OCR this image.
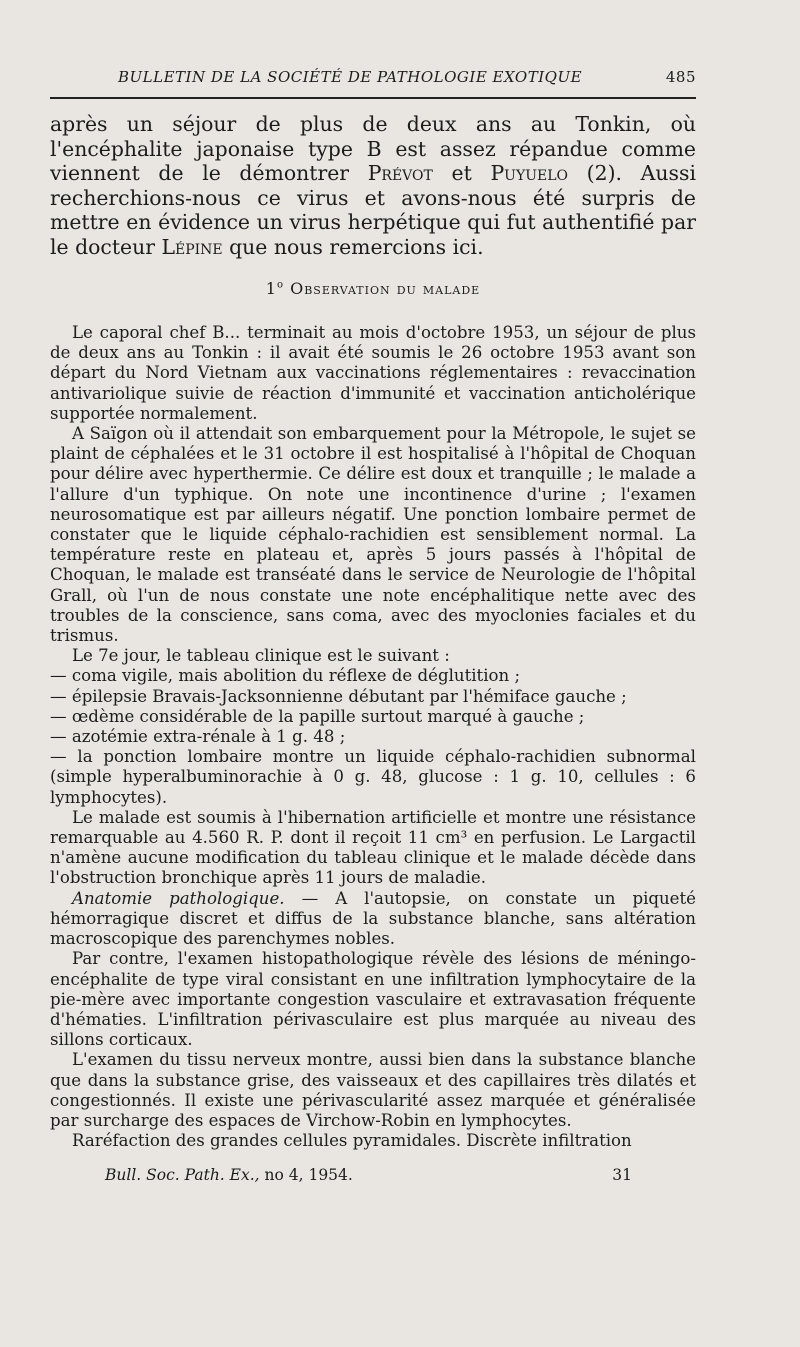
BULLETIN DE LA SOCIÉTÉ DE PATHOLOGIE EXOTIQUE	485
après un séjour de plus de deux ans au Tonkin, où l'encéphalite japonaise type B est assez répandue comme viennent de le démontrer Prévot et Puyuelo (2). Aussi recherchions-nous ce virus et avons-nous été surpris de mettre en évidence un virus herpétique qui fut authentifié par le docteur Lépine que nous remercions ici.
1$^o$ Observation du malade

Le caporal chef B... terminait au mois d'octobre 1953, un séjour de plus de deux ans au Tonkin : il avait été soumis le 26 octobre 1953 avant son départ du Nord Vietnam aux vaccinations réglementaires : revaccination antivariolique suivie de réaction d'immunité et vaccination anticholérique supportée normalement.

A Saïgon où il attendait son embarquement pour la Métropole, le sujet se plaint de céphalées et le 31 octobre il est hospitalisé à l'hôpital de Choquan pour délire avec hyperthermie. Ce délire est doux et tranquille ; le malade a l'allure d'un typhique. On note une incontinence d'urine ; l'examen neurosomatique est par ailleurs négatif. Une ponction lombaire permet de constater que le liquide céphalo-rachidien est sensiblement normal. La température reste en plateau et, après 5 jours passés à l'hôpital de Choquan, le malade est transéaté dans le service de Neurologie de l'hôpital Grall, où l'un de nous constate une note encéphalitique nette avec des troubles de la conscience, sans coma, avec des myoclonies faciales et du trismus.

Le 7e jour, le tableau clinique est le suivant :

— coma vigile, mais abolition du réflexe de déglutition ;

— épilepsie Bravais-Jacksonnienne débutant par l'hémiface gauche ;

— œdème considérable de la papille surtout marqué à gauche ;

— azotémie extra-rénale à 1 g. 48 ;

— la ponction lombaire montre un liquide céphalo-rachidien subnormal (simple hyperalbuminorachie à 0 g. 48, glucose : 1 g. 10, cellules : 6 lymphocytes).

Le malade est soumis à l'hibernation artificielle et montre une résistance remarquable au 4.560 R. P. dont il reçoit 11 cm³ en perfusion. Le Largactil n'amène aucune modification du tableau clinique et le malade décède dans l'obstruction bronchique après 11 jours de maladie.

Anatomie pathologique. — A l'autopsie, on constate un piqueté hémorragique discret et diffus de la substance blanche, sans altération macroscopique des parenchymes nobles.

Par contre, l'examen histopathologique révèle des lésions de méningo-encéphalite de type viral consistant en une infiltration lymphocytaire de la pie-mère avec importante congestion vasculaire et extravasation fréquente d'hématies. L'infiltration périvasculaire est plus marquée au niveau des sillons corticaux.

L'examen du tissu nerveux montre, aussi bien dans la substance blanche que dans la substance grise, des vaisseaux et des capillaires très dilatés et congestionnés. Il existe une périvascularité assez marquée et généralisée par surcharge des espaces de Virchow-Robin en lymphocytes.

Raréfaction des grandes cellules pyramidales. Discrète infiltration

Bull. Soc. Path. Ex., no 4, 1954.	31
